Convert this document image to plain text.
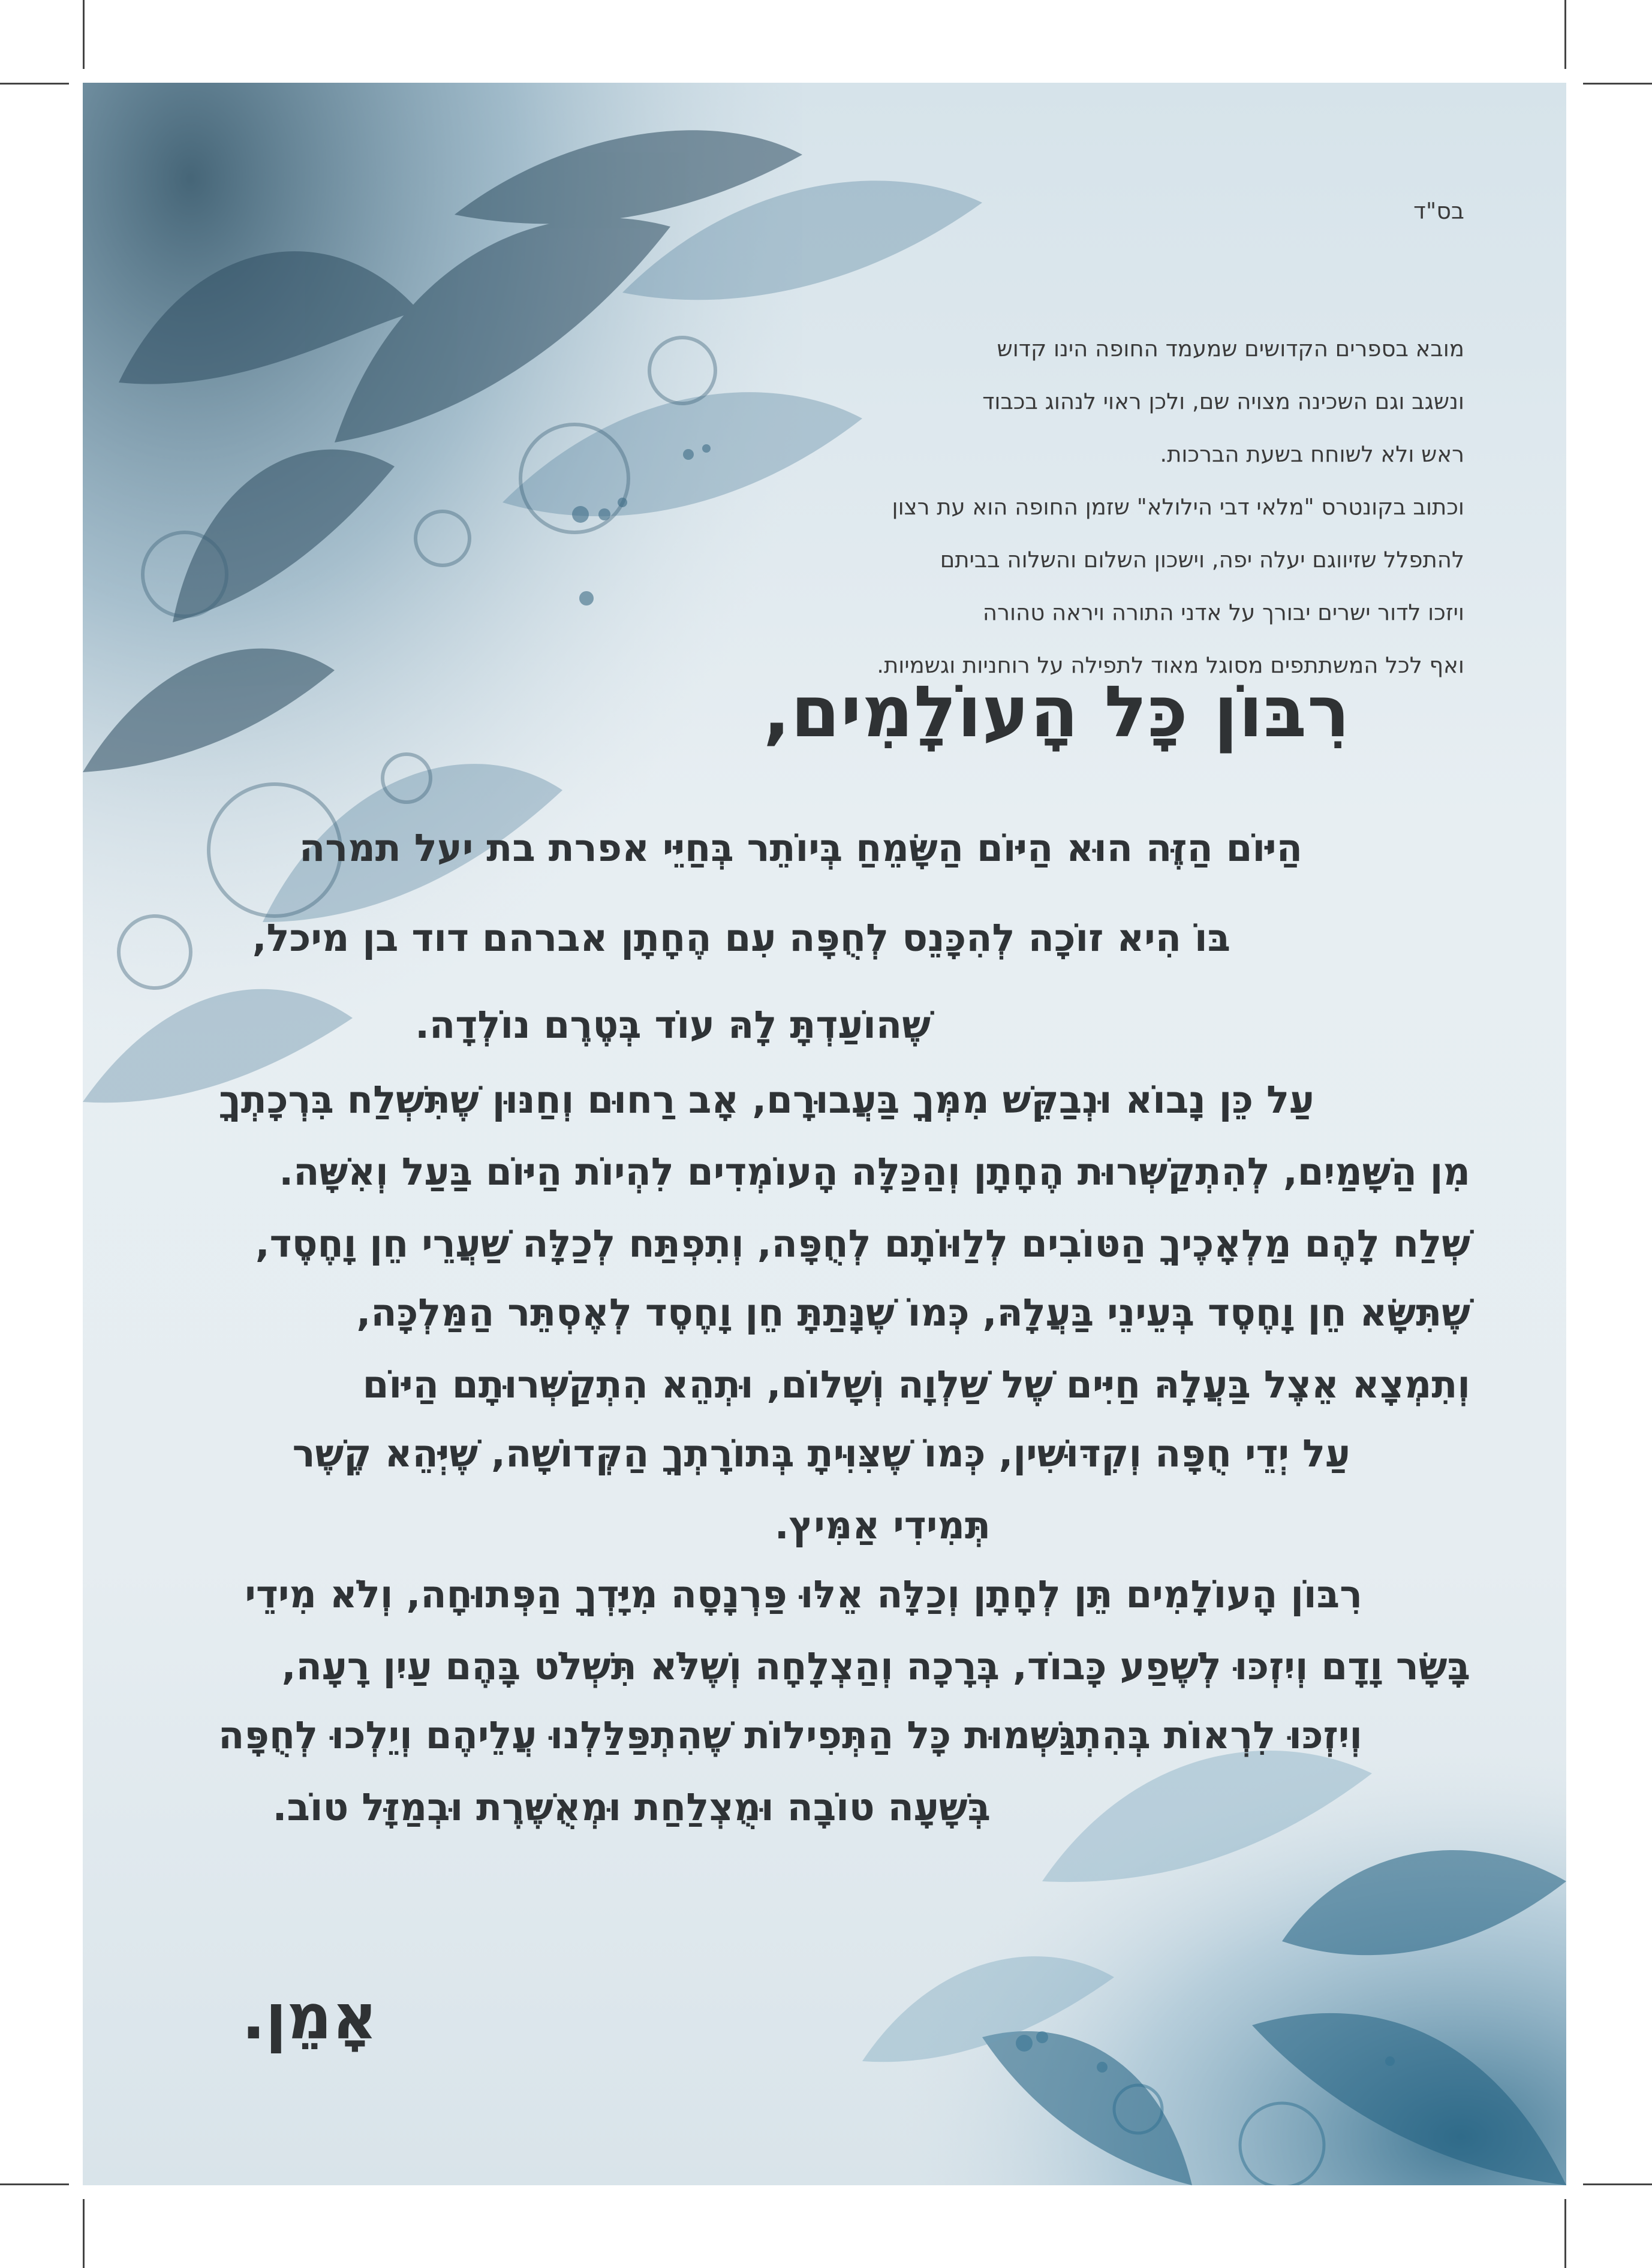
בס"ד
מובא בספרים הקדושים שמעמד החופה הינו קדוש
ונשגב וגם השכינה מצויה שם, ולכן ראוי לנהוג בכבוד
ראש ולא לשוחח בשעת הברכות.
וכתוב בקונטרס "מלאי דבי הילולא" שזמן החופה הוא עת רצון
להתפלל שזיווגם יעלה יפה, וישכון השלום והשלוה בביתם
ויזכו לדור ישרים יבורך על אדני התורה ויראה טהורה
ואף לכל המשתתפים מסוגל מאוד לתפילה על רוחניות וגשמיות.
רִבּוֹן כָּל הָעוֹלָמִים,
הַיּוֹם הַזֶּה הוּא הַיּוֹם הַשָּׂמֵחַ בְּיוֹתֵר בְּחַיֵּי אפרת בת יעל תמרה
בּוֹ הִיא זוֹכָה לְהִכָּנֵס לְחֻפָּה עִם הֶחָתָן אברהם דוד בן מיכל,
שֶׁהוֹעַדְתָּ לָהּ עוֹד בְּטֶרֶם נוֹלְדָה.
עַל כֵּן נָבוֹא וּנְבַקֵּשׁ מִמְּךָ בַּעֲבוּרָם, אָב רַחוּם וְחַנּוּן שֶׁתִּשְׁלַח בִּרְכָתְךָ
מִן הַשָּׁמַיִם, לְהִתְקַשְּׁרוּת הֶחָתָן וְהַכַּלָּה הָעוֹמְדִים לִהְיוֹת הַיּוֹם בַּעַל וְאִשָּׁה.
שְׁלַח לָהֶם מַלְאָכֶיךָ הַטּוֹבִים לְלַוּוֹתָם לְחֻפָּה, וְתִפְתַּח לְכַלָּה שַׁעֲרֵי חֵן וָחֶסֶד,
שֶׁתִּשָּׂא חֵן וָחֶסֶד בְּעֵינֵי בַּעֲלָהּ, כְּמוֹ שֶׁנָּתַתָּ חֵן וָחֶסֶד לְאֶסְתֵּר הַמַּלְכָּה,
וְתִמְצָא אֵצֶל בַּעֲלָהּ חַיִּים שֶׁל שַׁלְוָה וְשָׁלוֹם, וּתְהֵא הִתְקַשְּׁרוּתָם הַיּוֹם
עַל יְדֵי חֻפָּה וְקִדּוּשִׁין, כְּמוֹ שֶׁצִּוִּיתָ בְּתוֹרָתְךָ הַקְּדוֹשָׁה, שֶׁיְּהֵא קֶשֶׁר
תְּמִידִי אַמִּיץ.
רִבּוֹן הָעוֹלָמִים תֵּן לְחָתָן וְכַלָּה אֵלּוּ פַּרְנָסָה מִיָּדְךָ הַפְּתוּחָה, וְלֹא מִידֵי
בָּשָׂר וָדָם וְיִזְכּוּ לְשֶׁפַע כָּבוֹד, בְּרָכָה וְהַצְלָחָה וְשֶׁלֹּא תִּשְׁלֹט בָּהֶם עַיִן רָעָה,
וְיִזְכּוּ לִרְאוֹת בְּהִתְגַּשְּׁמוּת כָּל הַתְּפִילוֹת שֶׁהִתְפַּלַּלְנוּ עֲלֵיהֶם וְיֵלְכוּ לְחֻפָּה
בְּשָׁעָה טוֹבָה וּמֻצְלַחַת וּמְאֻשֶּׁרֶת וּבְמַזָּל טוֹב.
אָמֵן.
